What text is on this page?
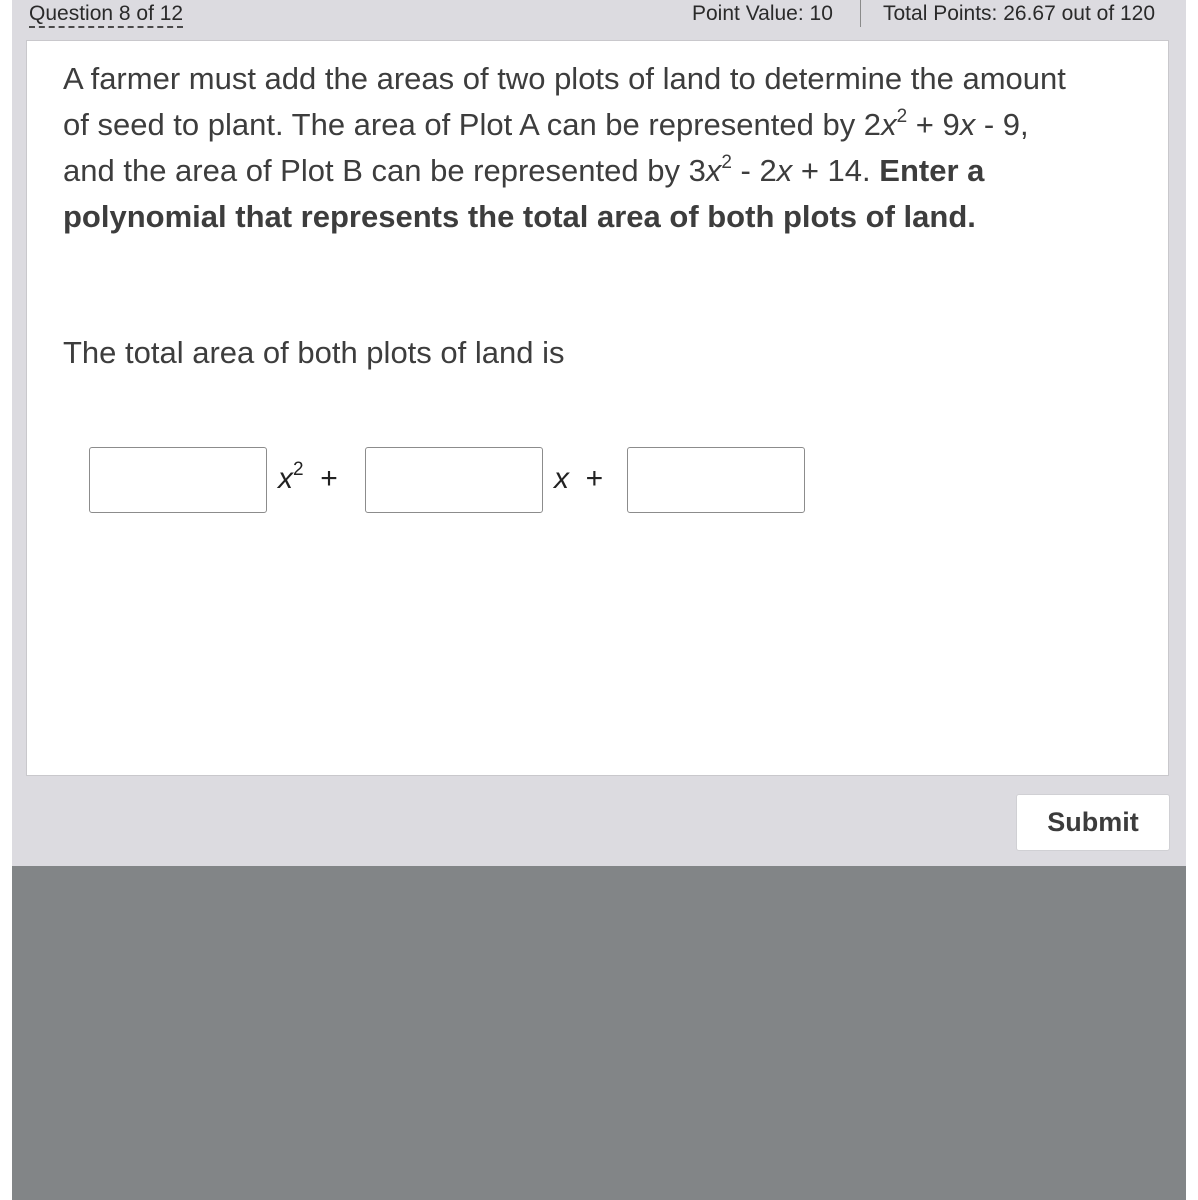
Question 8 of 12	Point Value: 10 Total Points: 26.67 out of 120
A farmer must add the areas of two plots of land to determine the amount of seed to plant. The area of Plot A can be represented by $2x^2 + 9x - 9$, and the area of Plot B can be represented by $3x^2 - 2x + 14$. Enter a polynomial that represents the total area of both plots of land.
The total area of both plots of land is
$x^2$ +	x +
Submit
